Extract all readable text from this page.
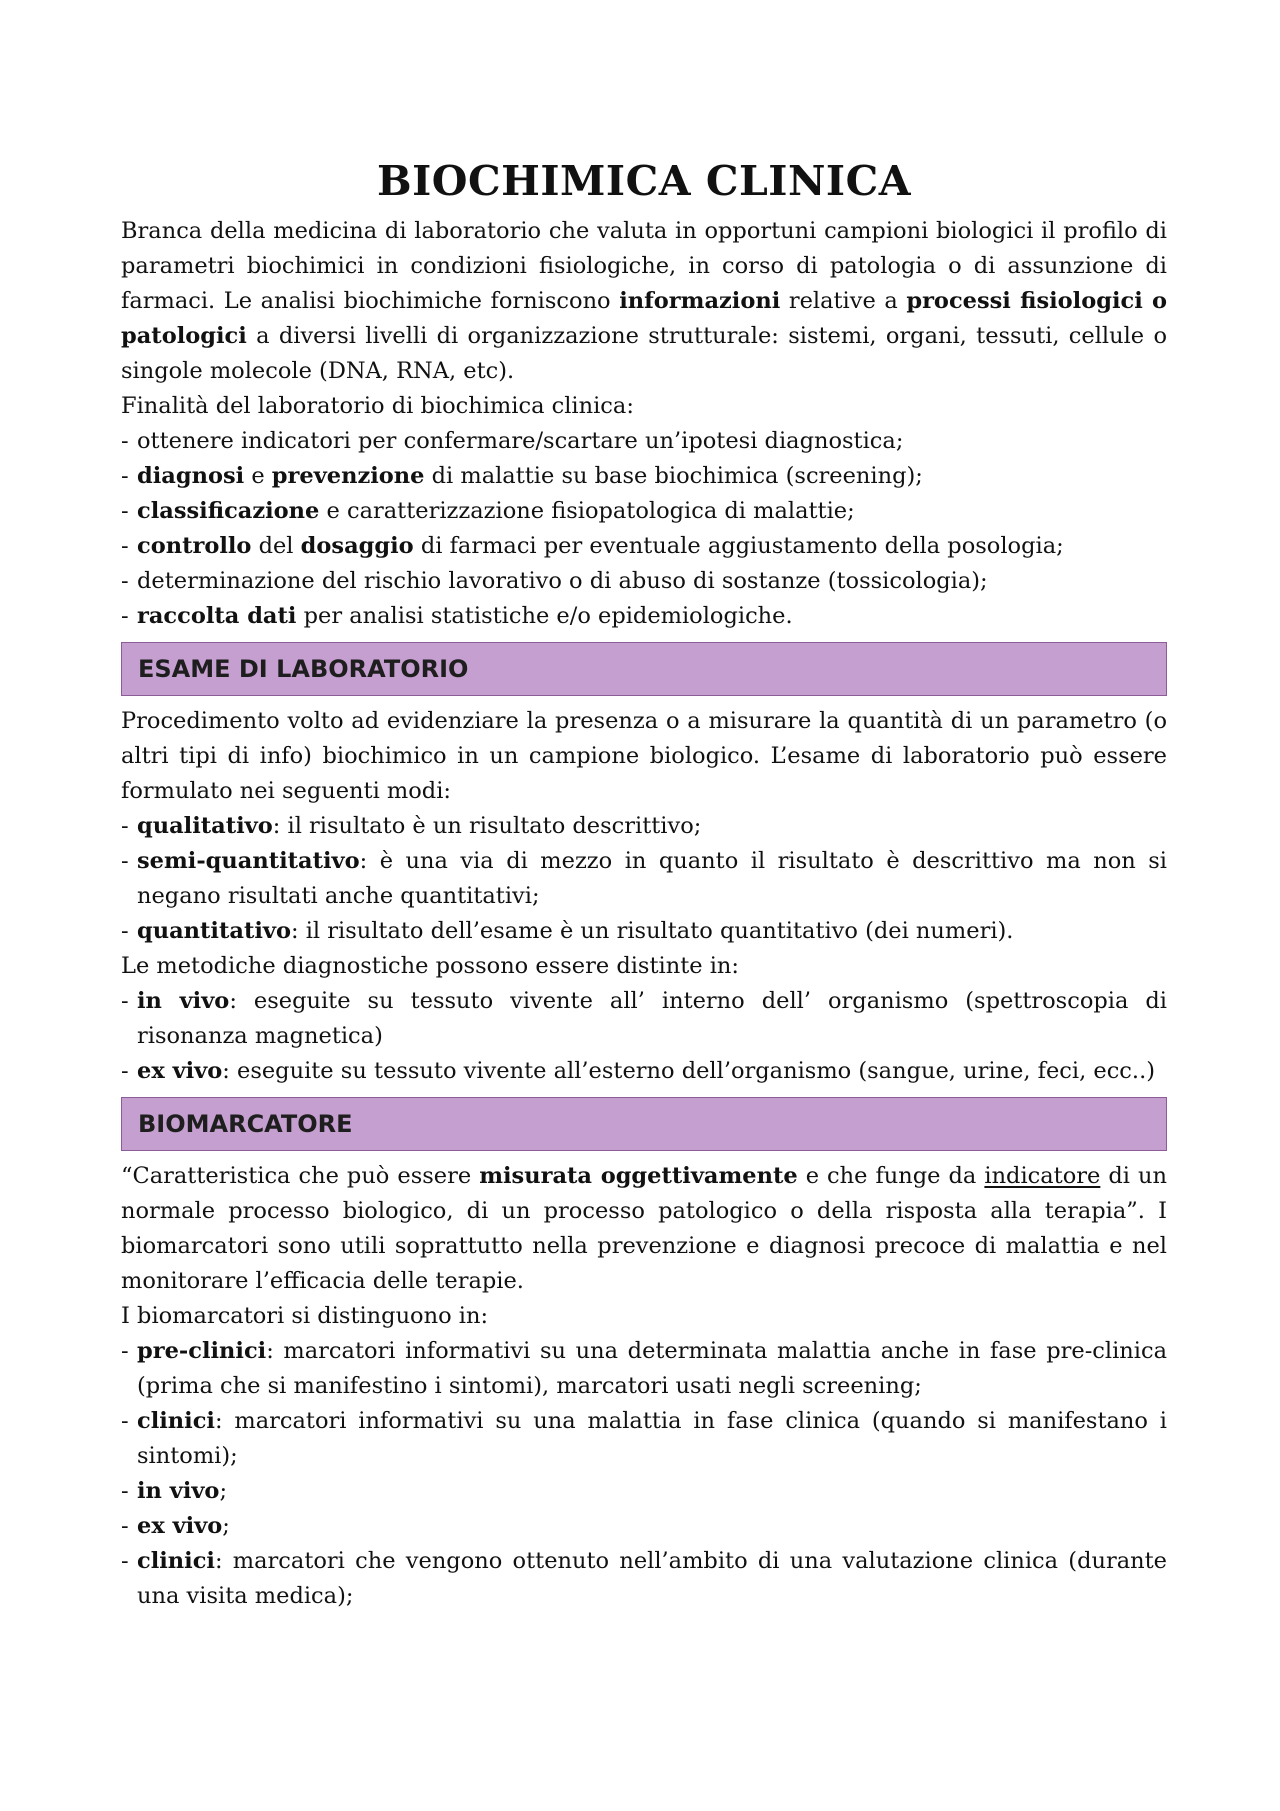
BIOCHIMICA CLINICA

Branca della medicina di laboratorio che valuta in opportuni campioni biologici il profilo di parametri biochimici in condizioni fisiologiche, in corso di patologia o di assunzione di farmaci. Le analisi biochimiche forniscono informazioni relative a processi fisiologici o patologici a diversi livelli di organizzazione strutturale: sistemi, organi, tessuti, cellule o singole molecole (DNA, RNA, etc).

Finalità del laboratorio di biochimica clinica:

- ottenere indicatori per confermare/scartare un’ipotesi diagnostica;
- diagnosi e prevenzione di malattie su base biochimica (screening);
- classificazione e caratterizzazione fisiopatologica di malattie;
- controllo del dosaggio di farmaci per eventuale aggiustamento della posologia;
- determinazione del rischio lavorativo o di abuso di sostanze (tossicologia);
- raccolta dati per analisi statistiche e/o epidemiologiche.
ESAME DI LABORATORIO

Procedimento volto ad evidenziare la presenza o a misurare la quantità di un parametro (o altri tipi di info) biochimico in un campione biologico. L’esame di laboratorio può essere formulato nei seguenti modi:

- qualitativo: il risultato è un risultato descrittivo;
- semi-quantitativo: è una via di mezzo in quanto il risultato è descrittivo ma non si negano risultati anche quantitativi;
- quantitativo: il risultato dell’esame è un risultato quantitativo (dei numeri).

Le metodiche diagnostiche possono essere distinte in:

- in vivo: eseguite su tessuto vivente all’ interno dell’ organismo (spettroscopia di risonanza magnetica)
- ex vivo: eseguite su tessuto vivente all’esterno dell’organismo (sangue, urine, feci, ecc..)
BIOMARCATORE

“Caratteristica che può essere misurata oggettivamente e che funge da indicatore di un normale processo biologico, di un processo patologico o della risposta alla terapia”. I biomarcatori sono utili soprattutto nella prevenzione e diagnosi precoce di malattia e nel monitorare l’efficacia delle terapie.

I biomarcatori si distinguono in:

- pre-clinici: marcatori informativi su una determinata malattia anche in fase pre-clinica (prima che si manifestino i sintomi), marcatori usati negli screening;
- clinici: marcatori informativi su una malattia in fase clinica (quando si manifestano i sintomi);
- in vivo;
- ex vivo;
- clinici: marcatori che vengono ottenuto nell’ambito di una valutazione clinica (durante una visita medica);
